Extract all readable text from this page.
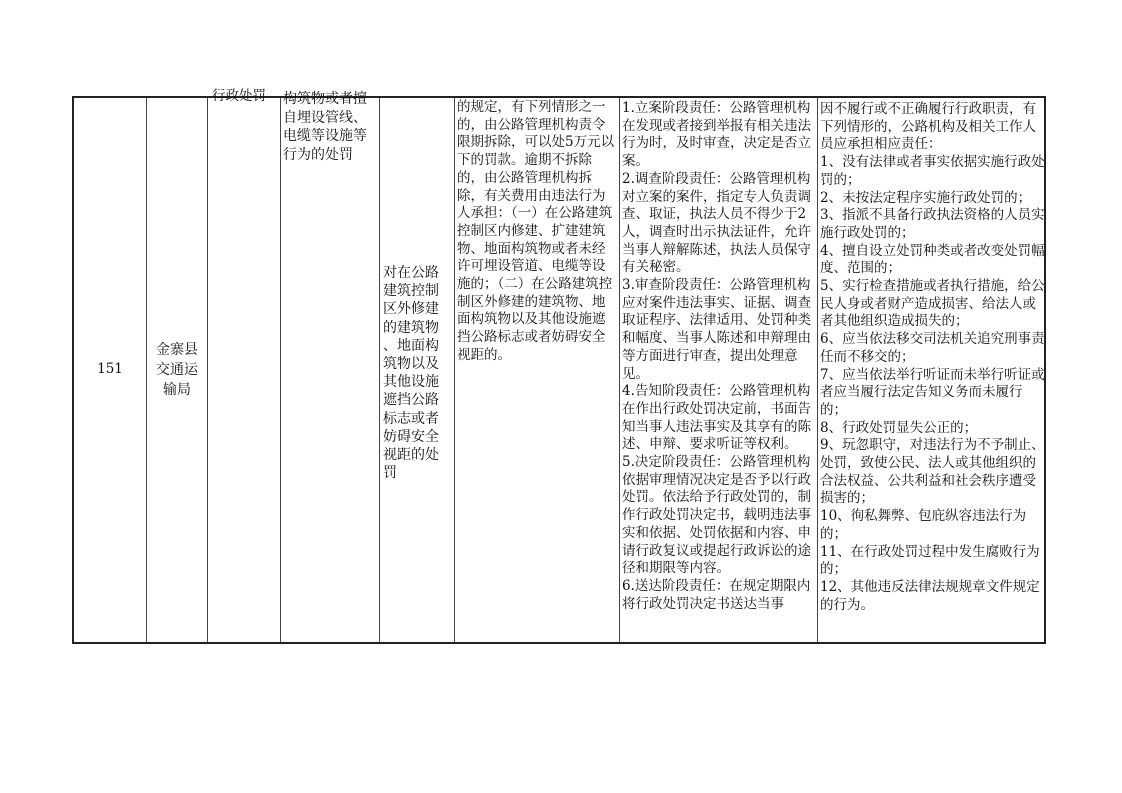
151
金寨县
交通运
输局
行政处罚	构筑物或者擅
自埋设管线、
电缆等设施等
行为的处罚
对在公路
建筑控制
区外修建
的建筑物
、地面构
筑物以及
其他设施
遮挡公路
标志或者
妨碍安全
视距的处
罚
的规定，有下列情形之一的，由公路管理机构责令限期拆除，可以处5万元以下的罚款。逾期不拆除的，由公路管理机构拆除，有关费用由违法行为人承担：（一）在公路建筑控制区内修建、扩建建筑物、地面构筑物或者未经许可埋设管道、电缆等设施的；（二）在公路建筑控制区外修建的建筑物、地面构筑物以及其他设施遮挡公路标志或者妨碍安全视距的。
1.立案阶段责任：公路管理机构在发现或者接到举报有相关违法行为时，及时审查，决定是否立案。
2.调查阶段责任：公路管理机构对立案的案件，指定专人负责调查、取证，执法人员不得少于2人，调查时出示执法证件，允许当事人辩解陈述，执法人员保守有关秘密。
3.审查阶段责任：公路管理机构应对案件违法事实、证据、调查取证程序、法律适用、处罚种类和幅度、当事人陈述和申辩理由等方面进行审查，提出处理意见。
4.告知阶段责任：公路管理机构在作出行政处罚决定前，书面告知当事人违法事实及其享有的陈述、申辩、要求听证等权利。
5.决定阶段责任：公路管理机构依据审理情况决定是否予以行政处罚。依法给予行政处罚的，制作行政处罚决定书，载明违法事实和依据、处罚依据和内容、申请行政复议或提起行政诉讼的途径和期限等内容。
6.送达阶段责任：在规定期限内将行政处罚决定书送达当事
因不履行或不正确履行行政职责，有下列情形的，公路机构及相关工作人员应承担相应责任：
1、没有法律或者事实依据实施行政处罚的；
2、未按法定程序实施行政处罚的；
3、指派不具备行政执法资格的人员实施行政处罚的；
4、擅自设立处罚种类或者改变处罚幅度、范围的；
5、实行检查措施或者执行措施，给公民人身或者财产造成损害、给法人或者其他组织造成损失的；
6、应当依法移交司法机关追究刑事责任而不移交的；
7、应当依法举行听证而未举行听证或者应当履行法定告知义务而未履行的；
8、行政处罚显失公正的；
9、玩忽职守，对违法行为不予制止、处罚，致使公民、法人或其他组织的合法权益、公共利益和社会秩序遭受损害的；
10、徇私舞弊、包庇纵容违法行为的；
11、在行政处罚过程中发生腐败行为的；
12、其他违反法律法规规章文件规定的行为。
